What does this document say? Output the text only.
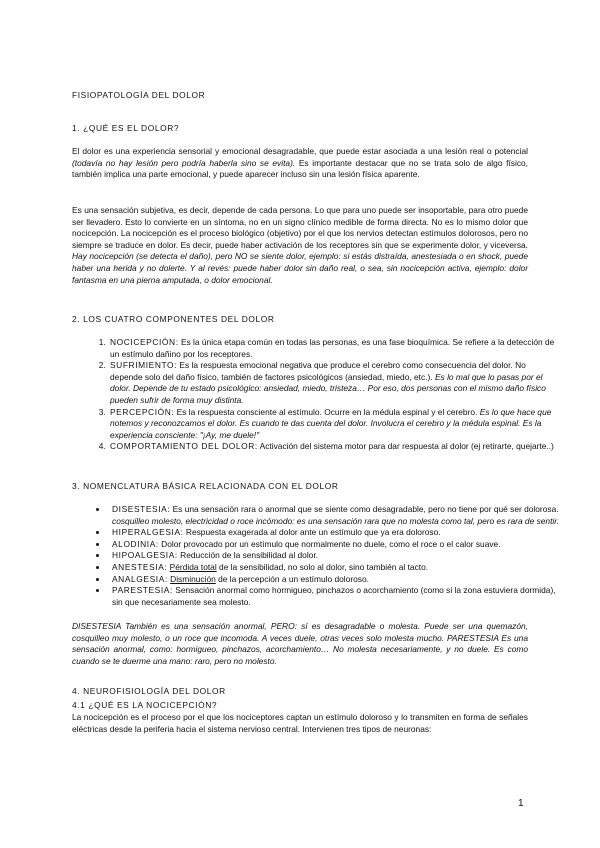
FISIOPATOLOGÍA DEL DOLOR
1. ¿QUÉ ES EL DOLOR?
El dolor es una experiencia sensorial y emocional desagradable, que puede estar asociada a una lesión real o potencial (todavía no hay lesión pero podría haberla sino se evita). Es importante destacar que no se trata solo de algo físico, también implica una parte emocional, y puede aparecer incluso sin una lesión física aparente.
Es una sensación subjetiva, es decir, depende de cada persona. Lo que para uno puede ser insoportable, para otro puede ser llevadero. Esto lo convierte en un síntoma, no en un signo clínico medible de forma directa. No es lo mismo dolor que nocicepción. La nocicepción es el proceso biológico (objetivo) por el que los nervios detectan estímulos dolorosos, pero no siempre se traduce en dolor. Es decir, puede haber activación de los receptores sin que se experimente dolor, y viceversa. Hay nocicepción (se detecta el daño), pero NO se siente dolor, ejemplo: si estás distraída, anestesiada o en shock, puede haber una herida y no dolerte. Y al revés: puede haber dolor sin daño real, o sea, sin nocicepción activa, ejemplo: dolor fantasma en una pierna amputada, o dolor emocional.
2. LOS CUATRO COMPONENTES DEL DOLOR
1. NOCICEPCIÓN: Es la única etapa común en todas las personas, es una fase bioquímica. Se refiere a la detección de un estímulo dañino por los receptores.
2. SUFRIMIENTO: Es la respuesta emocional negativa que produce el cerebro como consecuencia del dolor. No depende solo del daño físico, también de factores psicológicos (ansiedad, miedo, etc.). Es lo mal que lo pasas por el dolor. Depende de tu estado psicológico: ansiedad, miedo, tristeza… Por eso, dos personas con el mismo daño físico pueden sufrir de forma muy distinta.
3. PERCEPCIÓN: Es la respuesta consciente al estímulo. Ocurre en la médula espinal y el cerebro. Es lo que hace que notemos y reconozcamos el dolor. Es cuando te das cuenta del dolor. Involucra el cerebro y la médula espinal. Es la experiencia consciente: "¡Ay, me duele!"
4. COMPORTAMIENTO DEL DOLOR: Activación del sistema motor para dar respuesta al dolor (ej retirarte, quejarte..)
3. NOMENCLATURA BÁSICA RELACIONADA CON EL DOLOR
• DISESTESIA: Es una sensación rara o anormal que se siente como desagradable, pero no tiene por qué ser dolorosa. cosquilleo molesto, electricidad o roce incómodo: es una sensación rara que no molesta como tal, pero es rara de sentir.
• HIPERALGESIA: Respuesta exagerada al dolor ante un estímulo que ya era doloroso.
• ALODINIA: Dolor provocado por un estímulo que normalmente no duele, como el roce o el calor suave.
• HIPOALGESIA: Reducción de la sensibilidad al dolor.
• ANESTESIA: Pérdida total de la sensibilidad, no solo al dolor, sino también al tacto.
• ANALGESIA: Disminución de la percepción a un estímulo doloroso.
• PARESTESIA: Sensación anormal como hormigueo, pinchazos o acorchamiento (como si la zona estuviera dormida), sin que necesariamente sea molesto.
DISESTESIA También es una sensación anormal, PERO: sí es desagradable o molesta. Puede ser una quemazón, cosquilleo muy molesto, o un roce que incomoda. A veces duele, otras veces solo molesta mucho. PARESTESIA Es una sensación anormal, como: hormigueo, pinchazos, acorchamiento… No molesta necesariamente, y no duele. Es como cuando se te duerme una mano: raro, pero no molesto.
4. NEUROFISIOLOGÍA DEL DOLOR
4.1 ¿QUÉ ES LA NOCICEPCIÓN?
La nocicepción es el proceso por el que los nociceptores captan un estímulo doloroso y lo transmiten en forma de señales eléctricas desde la periferia hacia el sistema nervioso central. Intervienen tres tipos de neuronas:
1
